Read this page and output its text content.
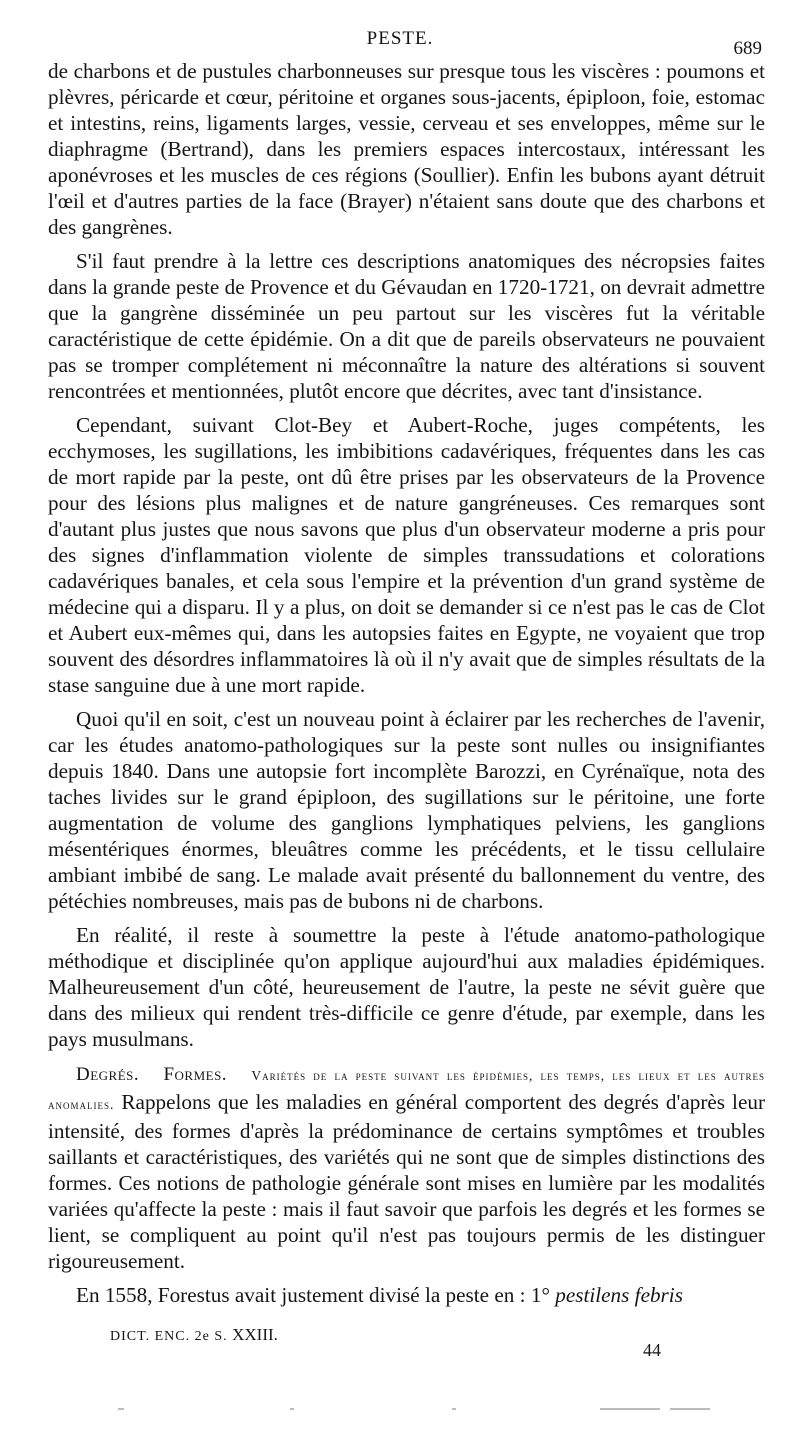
PESTE.	689

de charbons et de pustules charbonneuses sur presque tous les viscères : poumons et plèvres, péricarde et cœur, péritoine et organes sous-jacents, épiploon, foie, estomac et intestins, reins, ligaments larges, vessie, cerveau et ses enveloppes, même sur le diaphragme (Bertrand), dans les premiers espaces intercostaux, intéressant les aponévroses et les muscles de ces régions (Soullier). Enfin les bubons ayant détruit l'œil et d'autres parties de la face (Brayer) n'étaient sans doute que des charbons et des gangrènes.

S'il faut prendre à la lettre ces descriptions anatomiques des nécropsies faites dans la grande peste de Provence et du Gévaudan en 1720-1721, on devrait admettre que la gangrène disséminée un peu partout sur les viscères fut la véritable caractéristique de cette épidémie. On a dit que de pareils observateurs ne pouvaient pas se tromper complétement ni méconnaître la nature des altérations si souvent rencontrées et mentionnées, plutôt encore que décrites, avec tant d'insistance.

Cependant, suivant Clot-Bey et Aubert-Roche, juges compétents, les ecchymoses, les sugillations, les imbibitions cadavériques, fréquentes dans les cas de mort rapide par la peste, ont dû être prises par les observateurs de la Provence pour des lésions plus malignes et de nature gangréneuses. Ces remarques sont d'autant plus justes que nous savons que plus d'un observateur moderne a pris pour des signes d'inflammation violente de simples transsudations et colorations cadavériques banales, et cela sous l'empire et la prévention d'un grand système de médecine qui a disparu. Il y a plus, on doit se demander si ce n'est pas le cas de Clot et Aubert eux-mêmes qui, dans les autopsies faites en Egypte, ne voyaient que trop souvent des désordres inflammatoires là où il n'y avait que de simples résultats de la stase sanguine due à une mort rapide.

Quoi qu'il en soit, c'est un nouveau point à éclairer par les recherches de l'avenir, car les études anatomo-pathologiques sur la peste sont nulles ou insignifiantes depuis 1840. Dans une autopsie fort incomplète Barozzi, en Cyrénaïque, nota des taches livides sur le grand épiploon, des sugillations sur le péritoine, une forte augmentation de volume des ganglions lymphatiques pelviens, les ganglions mésentériques énormes, bleuâtres comme les précédents, et le tissu cellulaire ambiant imbibé de sang. Le malade avait présenté du ballonnement du ventre, des pétéchies nombreuses, mais pas de bubons ni de charbons.

En réalité, il reste à soumettre la peste à l'étude anatomo-pathologique méthodique et disciplinée qu'on applique aujourd'hui aux maladies épidémiques. Malheureusement d'un côté, heureusement de l'autre, la peste ne sévit guère que dans des milieux qui rendent très-difficile ce genre d'étude, par exemple, dans les pays musulmans.

Degrés. Formes. Variétés de la peste suivant les épidémies, les temps, les lieux et les autres anomalies. Rappelons que les maladies en général comportent des degrés d'après leur intensité, des formes d'après la prédominance de certains symptômes et troubles saillants et caractéristiques, des variétés qui ne sont que de simples distinctions des formes. Ces notions de pathologie générale sont mises en lumière par les modalités variées qu'affecte la peste : mais il faut savoir que parfois les degrés et les formes se lient, se compliquent au point qu'il n'est pas toujours permis de les distinguer rigoureusement.

En 1558, Forestus avait justement divisé la peste en : 1° pestilens febris

DICT. ENC. 2e S. XXIII.
44
